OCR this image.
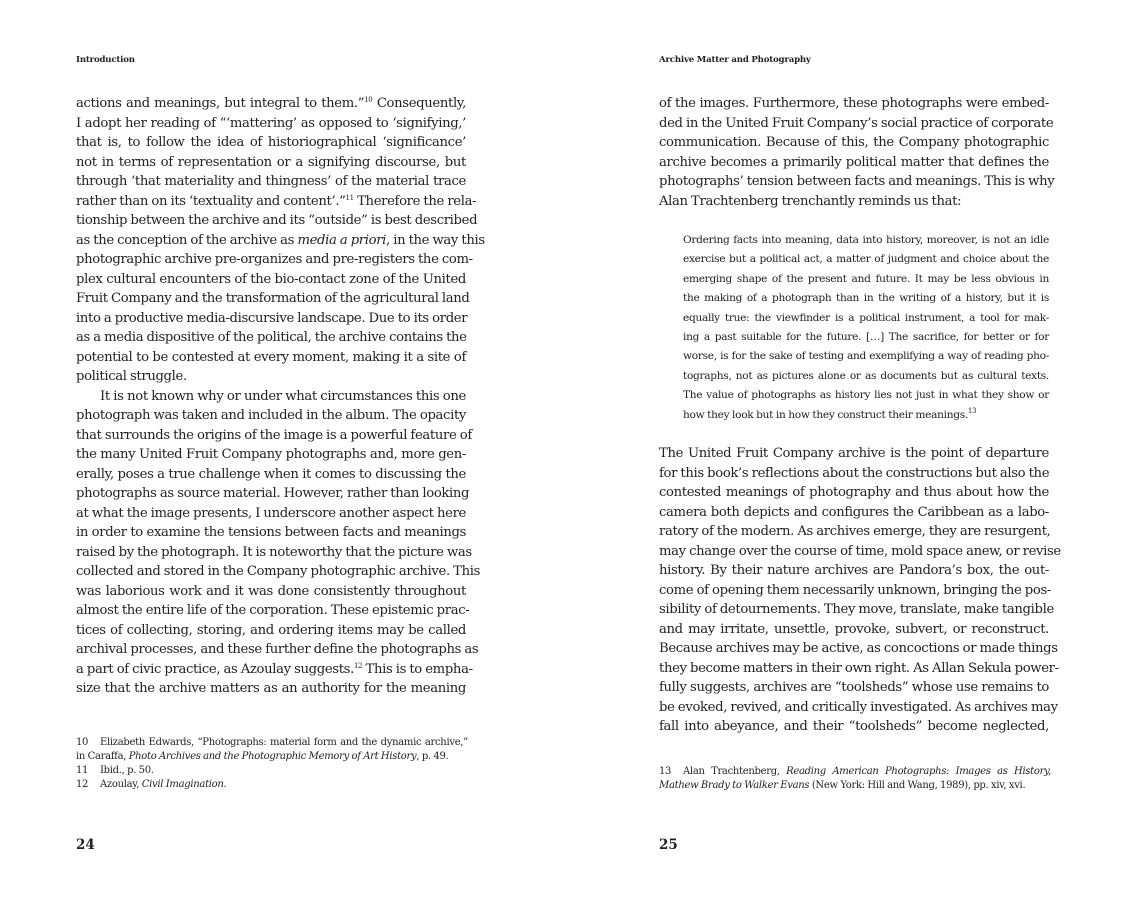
Introduction
actions and meanings, but integral to them.”$^{10}$ Consequently,
I adopt her reading of “‘mattering’ as opposed to ‘signifying,’
that is, to follow the idea of historiographical ‘significance’
not in terms of representation or a signifying discourse, but
through ‘that materiality and thingness’ of the material trace
rather than on its ‘textuality and content’.”$^{11}$ Therefore the rela-
tionship between the archive and its “outside” is best described
as the conception of the archive as media a priori, in the way this
photographic archive pre-organizes and pre-registers the com-
plex cultural encounters of the bio-contact zone of the United
Fruit Company and the transformation of the agricultural land
into a productive media-discursive landscape. Due to its order
as a media dispositive of the political, the archive contains the
potential to be contested at every moment, making it a site of
political struggle.
It is not known why or under what circumstances this one
photograph was taken and included in the album. The opacity
that surrounds the origins of the image is a powerful feature of
the many United Fruit Company photographs and, more gen-
erally, poses a true challenge when it comes to discussing the
photographs as source material. However, rather than looking
at what the image presents, I underscore another aspect here
in order to examine the tensions between facts and meanings
raised by the photograph. It is noteworthy that the picture was
collected and stored in the Company photographic archive. This
was laborious work and it was done consistently throughout
almost the entire life of the corporation. These epistemic prac-
tices of collecting, storing, and ordering items may be called
archival processes, and these further define the photographs as
a part of civic practice, as Azoulay suggests.$^{12}$ This is to empha-
size that the archive matters as an authority for the meaning
10 Elizabeth Edwards, “Photographs: material form and the dynamic archive,”
in Caraffa, Photo Archives and the Photographic Memory of Art History, p. 49.
11 Ibid., p. 50.
12 Azoulay, Civil Imagination.
24
Archive Matter and Photography
of the images. Furthermore, these photographs were embed-
ded in the United Fruit Company’s social practice of corporate
communication. Because of this, the Company photographic
archive becomes a primarily political matter that defines the
photographs’ tension between facts and meanings. This is why
Alan Trachtenberg trenchantly reminds us that:
Ordering facts into meaning, data into history, moreover, is not an idle
exercise but a political act, a matter of judgment and choice about the
emerging shape of the present and future. It may be less obvious in
the making of a photograph than in the writing of a history, but it is
equally true: the viewfinder is a political instrument, a tool for mak-
ing a past suitable for the future. […] The sacrifice, for better or for
worse, is for the sake of testing and exemplifying a way of reading pho-
tographs, not as pictures alone or as documents but as cultural texts.
The value of photographs as history lies not just in what they show or
how they look but in how they construct their meanings.$^{13}$
The United Fruit Company archive is the point of departure
for this book’s reflections about the constructions but also the
contested meanings of photography and thus about how the
camera both depicts and configures the Caribbean as a labo-
ratory of the modern. As archives emerge, they are resurgent,
may change over the course of time, mold space anew, or revise
history. By their nature archives are Pandora’s box, the out-
come of opening them necessarily unknown, bringing the pos-
sibility of detournements. They move, translate, make tangible
and may irritate, unsettle, provoke, subvert, or reconstruct.
Because archives may be active, as concoctions or made things
they become matters in their own right. As Allan Sekula power-
fully suggests, archives are “toolsheds” whose use remains to
be evoked, revived, and critically investigated. As archives may
fall into abeyance, and their “toolsheds” become neglected,
13 Alan Trachtenberg, Reading American Photographs: Images as History,
Mathew Brady to Walker Evans (New York: Hill and Wang, 1989), pp. xiv, xvi.
25
